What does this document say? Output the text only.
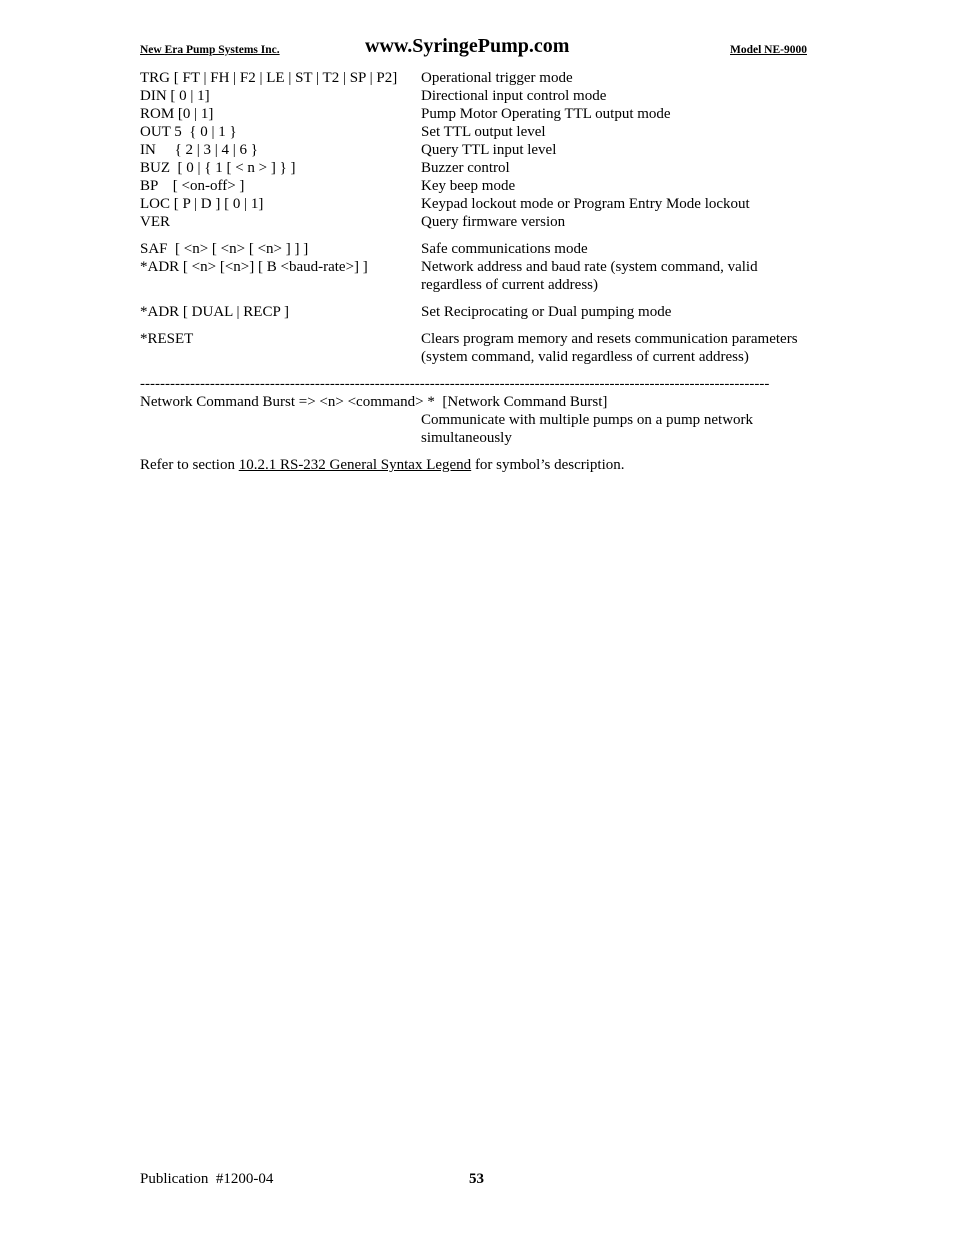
New Era Pump Systems Inc.	www.SyringePump.com	Model NE-9000
TRG [ FT | FH | F2 | LE | ST | T2 | SP | P2]	Operational trigger mode
DIN [ 0 | 1]	Directional input control mode
ROM [0 | 1]	Pump Motor Operating TTL output mode
OUT 5  { 0 | 1 }	Set TTL output level
IN     { 2 | 3 | 4 | 6 }	Query TTL input level
BUZ  [ 0 | { 1 [ < n > ] } ]	Buzzer control
BP    [ <on-off> ]	Key beep mode
LOC [ P | D ] [ 0 | 1]	Keypad lockout mode or Program Entry Mode lockout
VER	Query firmware version
SAF  [ <n> [ <n> [ <n> ] ] ]	Safe communications mode
*ADR [ <n> [<n>] [ B <baud-rate>] ]	Network address and baud rate (system command, valid regardless of current address)
*ADR [ DUAL | RECP ]	Set Reciprocating or Dual pumping mode
*RESET	Clears program memory and resets communication parameters (system command, valid regardless of current address)
------------------------------------------------------------------------------------------------------------------------------
Network Command Burst => <n> <command> *  [Network Command Burst]
Communicate with multiple pumps on a pump network simultaneously
Refer to section 10.2.1 RS-232 General Syntax Legend for symbol’s description.
Publication  #1200-04	53
